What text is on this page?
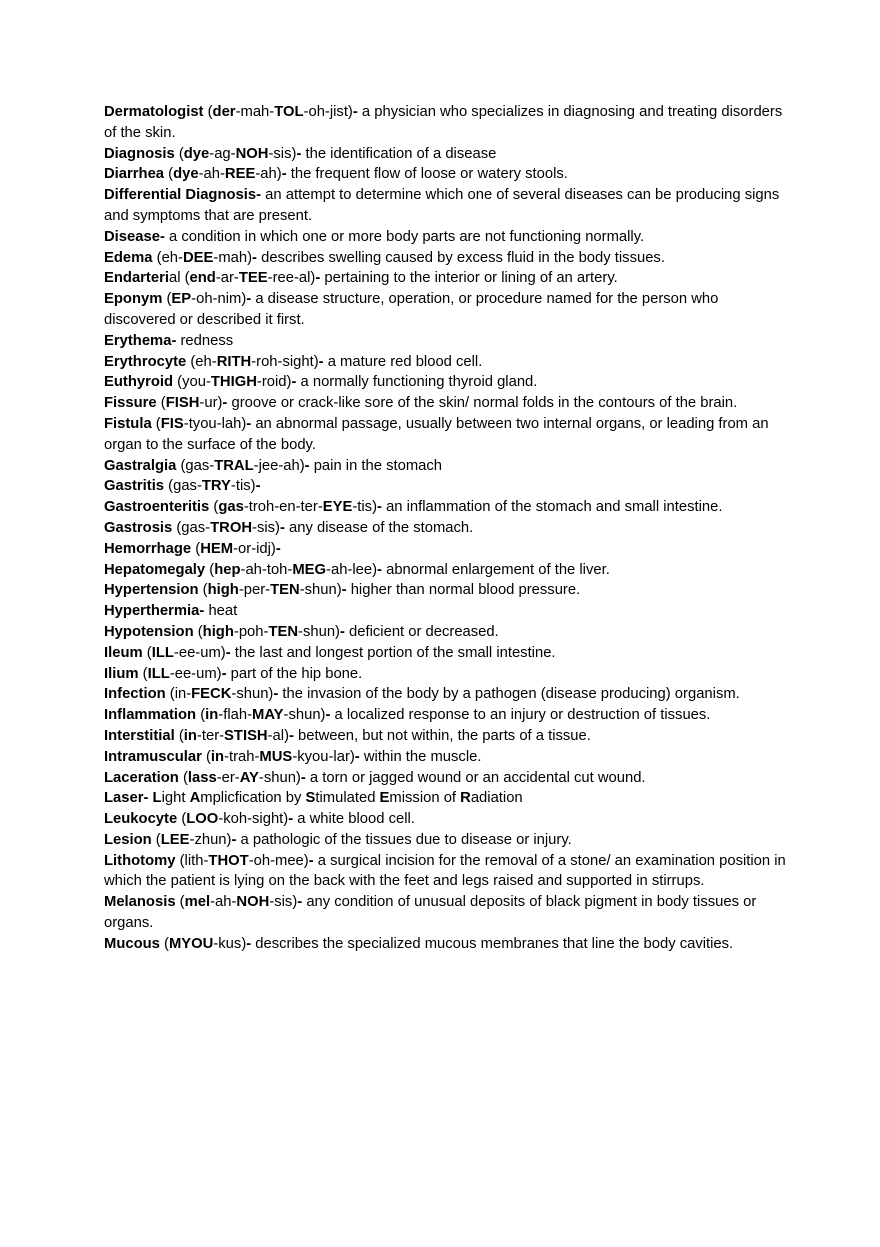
Dermatologist (der-mah-TOL-oh-jist)- a physician who specializes in diagnosing and treating disorders of the skin.

Diagnosis (dye-ag-NOH-sis)- the identification of a disease

Diarrhea (dye-ah-REE-ah)- the frequent flow of loose or watery stools.

Differential Diagnosis- an attempt to determine which one of several diseases can be producing signs and symptoms that are present.

Disease- a condition in which one or more body parts are not functioning normally.

Edema (eh-DEE-mah)- describes swelling caused by excess fluid in the body tissues.

Endarterial (end-ar-TEE-ree-al)- pertaining to the interior or lining of an artery.

Eponym (EP-oh-nim)- a disease structure, operation, or procedure named for the person who discovered or described it first.

Erythema- redness

Erythrocyte (eh-RITH-roh-sight)- a mature red blood cell.

Euthyroid (you-THIGH-roid)- a normally functioning thyroid gland.

Fissure (FISH-ur)- groove or crack-like sore of the skin/ normal folds in the contours of the brain.

Fistula (FIS-tyou-lah)- an abnormal passage, usually between two internal organs, or leading from an organ to the surface of the body.

Gastralgia (gas-TRAL-jee-ah)- pain in the stomach

Gastritis (gas-TRY-tis)-

Gastroenteritis (gas-troh-en-ter-EYE-tis)- an inflammation of the stomach and small intestine.

Gastrosis (gas-TROH-sis)- any disease of the stomach.

Hemorrhage (HEM-or-idj)-

Hepatomegaly (hep-ah-toh-MEG-ah-lee)- abnormal enlargement of the liver.

Hypertension (high-per-TEN-shun)- higher than normal blood pressure.

Hyperthermia- heat

Hypotension (high-poh-TEN-shun)- deficient or decreased.

Ileum (ILL-ee-um)- the last and longest portion of the small intestine.

Ilium (ILL-ee-um)- part of the hip bone.

Infection (in-FECK-shun)- the invasion of the body by a pathogen (disease producing) organism.

Inflammation (in-flah-MAY-shun)- a localized response to an injury or destruction of tissues.

Interstitial (in-ter-STISH-al)- between, but not within, the parts of a tissue.

Intramuscular (in-trah-MUS-kyou-lar)- within the muscle.

Laceration (lass-er-AY-shun)- a torn or jagged wound or an accidental cut wound.

Laser- Light Amplicfication by Stimulated Emission of Radiation

Leukocyte (LOO-koh-sight)- a white blood cell.

Lesion (LEE-zhun)- a pathologic of the tissues due to disease or injury.

Lithotomy (lith-THOT-oh-mee)- a surgical incision for the removal of a stone/ an examination position in which the patient is lying on the back with the feet and legs raised and supported in stirrups.

Melanosis (mel-ah-NOH-sis)- any condition of unusual deposits of black pigment in body tissues or organs.

Mucous (MYOU-kus)- describes the specialized mucous membranes that line the body cavities.
